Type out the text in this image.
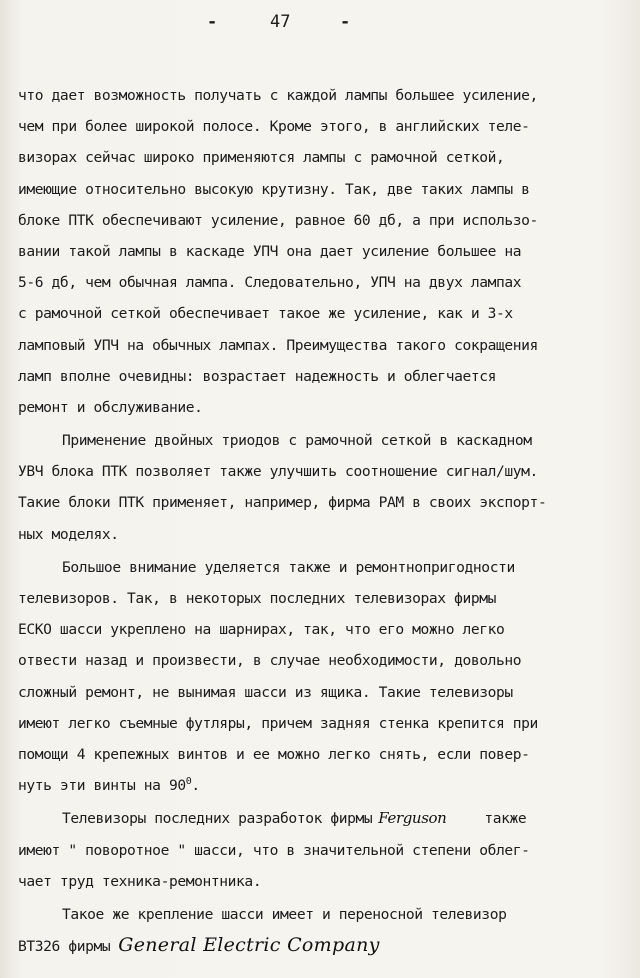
-	47	-
что дает возможность получать с каждой лампы большее усиление,
чем при более широкой полосе. Кроме этого, в английских теле-
визорах сейчас широко применяются лампы с рамочной сеткой,
имеющие относительно высокую крутизну. Так, две таких лампы в
блоке ПТК обеспечивают усиление, равное 60 дб, а при использо-
вании такой лампы в каскаде УПЧ она дает усиление большее на
5-6 дб, чем обычная лампа. Следовательно, УПЧ на двух лампах
с рамочной сеткой обеспечивает такое же усиление, как и 3-х
ламповый УПЧ на обычных лампах. Преимущества такого сокращения
ламп вполне очевидны: возрастает надежность и облегчается
ремонт и обслуживание.
Применение двойных триодов с рамочной сеткой в каскадном
УВЧ блока ПТК позволяет также улучшить соотношение сигнал/шум.
Такие блоки ПТК применяет, например, фирма PAM в своих экспорт-
ных моделях.
Большое внимание уделяется также и ремонтнопригодности
телевизоров. Так, в некоторых последних телевизорах фирмы
ЕСКО шасси укреплено на шарнирах, так, что его можно легко
отвести назад и произвести, в случае необходимости, довольно
сложный ремонт, не вынимая шасси из ящика. Такие телевизоры
имеют легко съемные футляры, причем задняя стенка крепится при
помощи 4 крепежных винтов и ее можно легко снять, если повер-
нуть эти винты на $90^0$.
Телевизоры последних разработок фирмы Ferguson	также
имеют " поворотное " шасси, что в значительной степени облег-
чает труд техника-ремонтника.
Такое же крепление шасси имеет и переносной телевизор
ВТ326 фирмы General Electric Company
